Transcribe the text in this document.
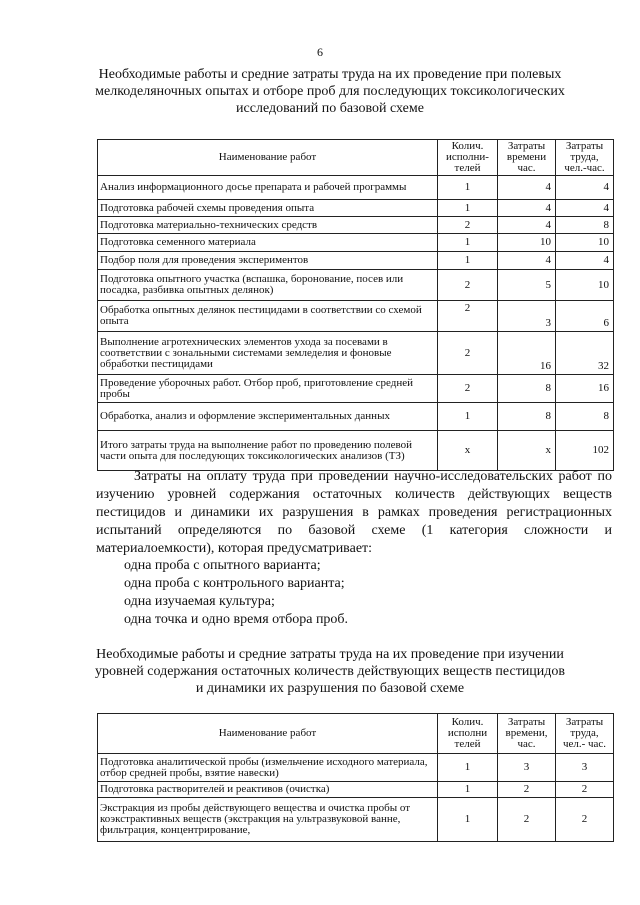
6
Необходимые работы и средние затраты труда на их проведение при полевых
мелкоделяночных опытах и отборе проб для последующих токсикологических
исследований по базовой схеме
Наименование работ	Колич. исполни- телей	Затраты времени час.	Затраты труда, чел.-час.
Анализ информационного досье препарата и рабочей программы	1	4	4
Подготовка рабочей схемы проведения опыта	1	4	4
Подготовка материально-технических средств	2	4	8
Подготовка семенного материала	1	10	10
Подбор поля для проведения экспериментов	1	4	4
Подготовка опытного участка (вспашка, боронование, посев или посадка, разбивка опытных делянок)	2	5	10
Обработка опытных делянок пестицидами в соответствии со схемой опыта	2	3	6
Выполнение агротехнических элементов ухода за посевами в соответствии с зональными системами земледелия и фоновые обработки пестицидами	2	16	32
Проведение уборочных работ. Отбор проб, приготовление средней пробы	2	8	16
Обработка, анализ и оформление экспериментальных данных	1	8	8
Итого затраты труда на выполнение работ по проведению полевой части опыта для последующих токсикологических анализов (ТЗ)	x	x	102
Затраты на оплату труда при проведении научно-исследовательских работ по изучению уровней содержания остаточных количеств действующих веществ пестицидов и динамики их разрушения в рамках проведения регистрационных испытаний определяются по базовой схеме (1 категория сложности и материалоемкости), которая предусматривает:
одна проба с опытного варианта;
одна проба с контрольного варианта;
одна изучаемая культура;
одна точка и одно время отбора проб.
Необходимые работы и средние затраты труда на их проведение при изучении
уровней содержания остаточных количеств действующих веществ пестицидов
и динамики их разрушения по базовой схеме
Наименование работ	Колич. исполни телей	Затраты времени, час.	Затраты труда, чел.- час.
Подготовка аналитической пробы (измельчение исходного материала, отбор средней пробы, взятие навески)	1	3	3
Подготовка растворителей и реактивов (очистка)	1	2	2
Экстракция из пробы действующего вещества и очистка пробы от коэкстрактивных веществ (экстракция на ультразвуковой ванне, фильтрация, концентрирование,	1	2	2
